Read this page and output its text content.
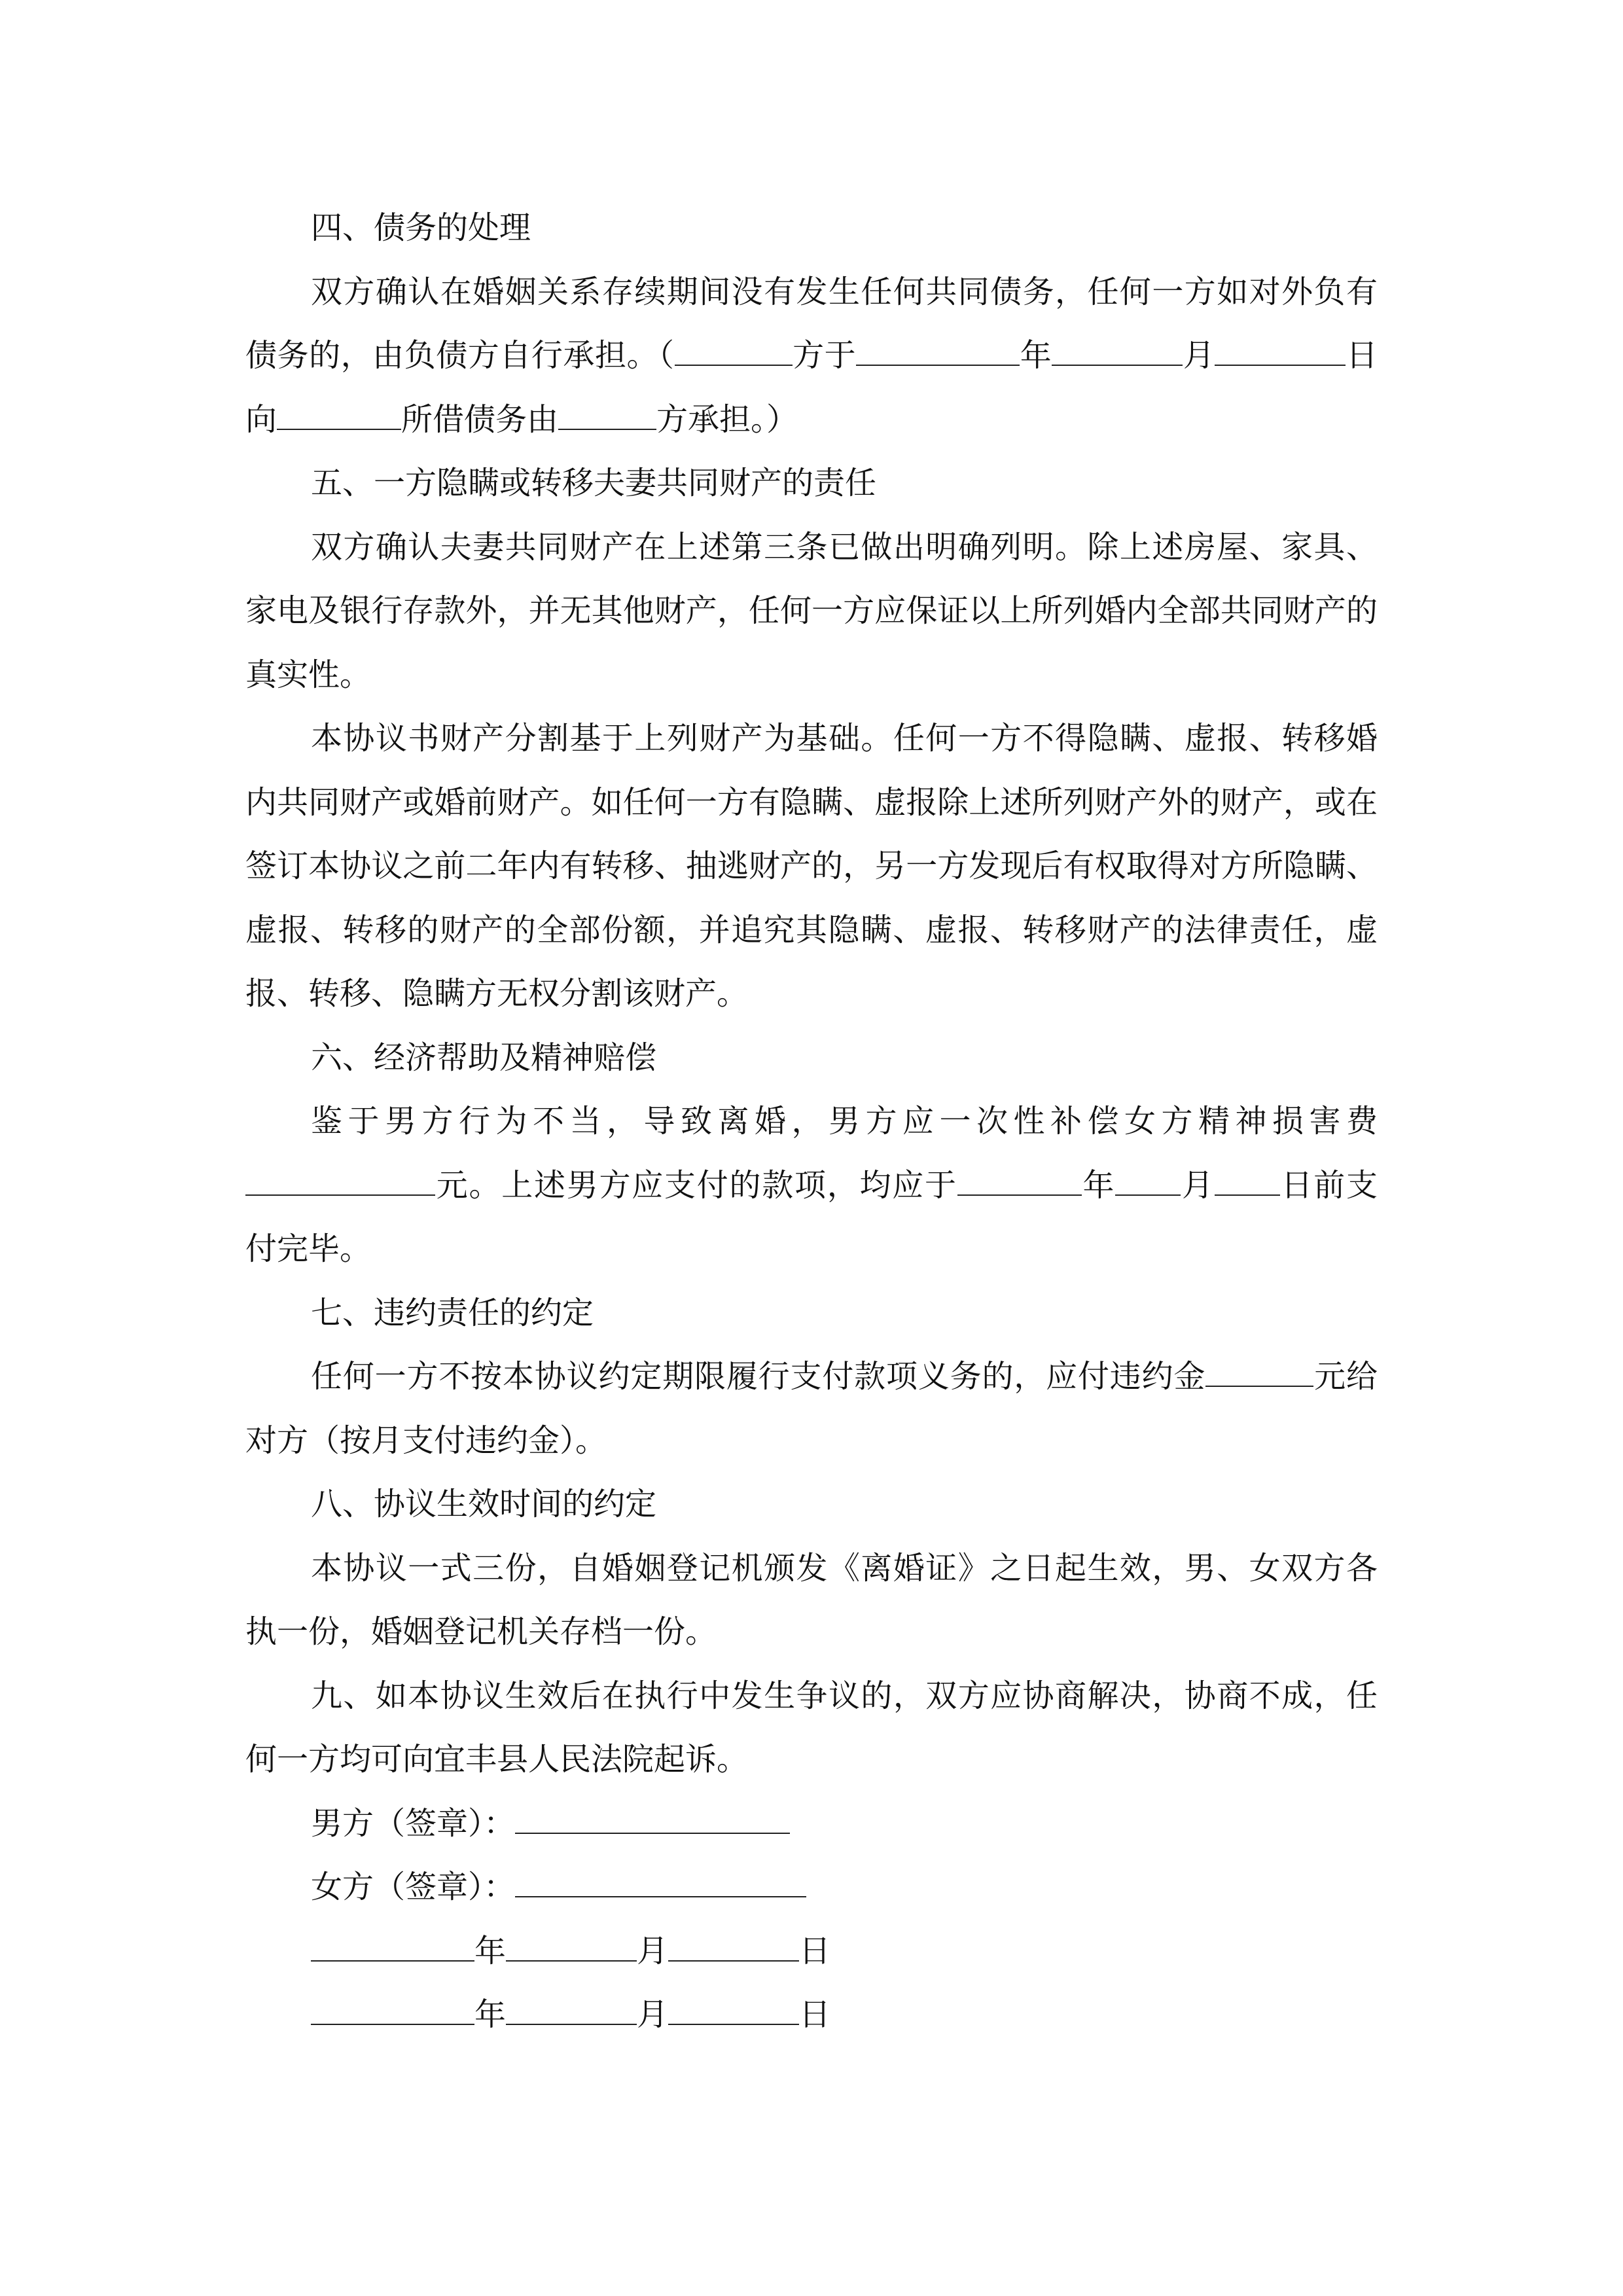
四、债务的处理

双方确认在婚姻关系存续期间没有发生任何共同债务，任何一方如对外负有债务的，由负债方自行承担。（	方于	年	月	日向	所借债务由	方承担。）

五、一方隐瞒或转移夫妻共同财产的责任

双方确认夫妻共同财产在上述第三条已做出明确列明。除上述房屋、家具、家电及银行存款外，并无其他财产，任何一方应保证以上所列婚内全部共同财产的真实性。

本协议书财产分割基于上列财产为基础。任何一方不得隐瞒、虚报、转移婚内共同财产或婚前财产。如任何一方有隐瞒、虚报除上述所列财产外的财产，或在签订本协议之前二年内有转移、抽逃财产的，另一方发现后有权取得对方所隐瞒、虚报、转移的财产的全部份额，并追究其隐瞒、虚报、转移财产的法律责任，虚报、转移、隐瞒方无权分割该财产。

六、经济帮助及精神赔偿

鉴于男方行为不当，导致离婚，男方应一次性补偿女方精神损害费元。上述男方应支付的款项，均应于	年 月 日前支付完毕。

七、违约责任的约定

任何一方不按本协议约定期限履行支付款项义务的，应付违约金	元给对方（按月支付违约金）。

八、协议生效时间的约定

本协议一式三份，自婚姻登记机颁发《离婚证》之日起生效，男、女双方各执一份，婚姻登记机关存档一份。

九、如本协议生效后在执行中发生争议的，双方应协商解决，协商不成，任何一方均可向宜丰县人民法院起诉。

男方（签章）：

女方（签章）：

年	月	日

年	月	日
